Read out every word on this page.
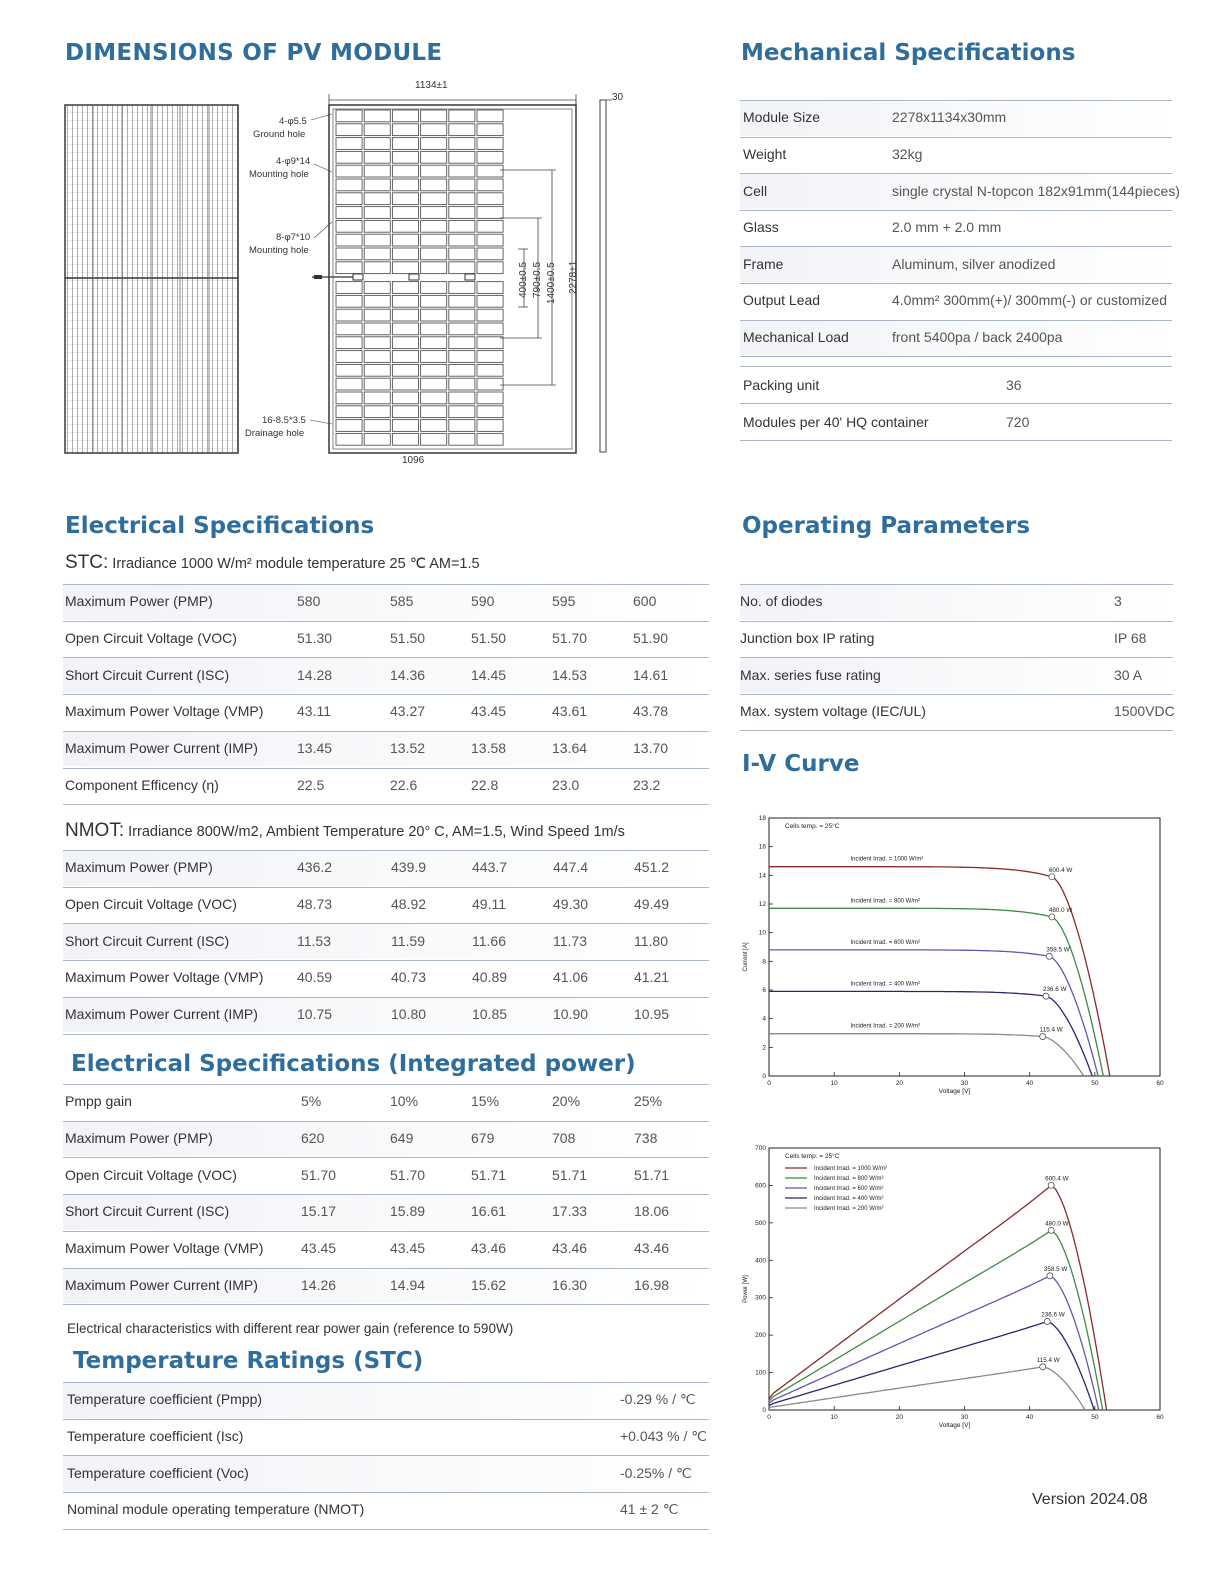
DIMENSIONS OF PV MODULE	Mechanical Specifications
Electrical Specifications	Operating Parameters
I-V Curve
Electrical Specifications (Integrated power)
Temperature Ratings (STC)
1134±1
1096
30
400±0.5 790±0.5 1400±0.5 2278±1
4-φ5.5
Ground hole
4-φ9*14
Mounting hole
8-φ7*10
Mounting hole
16-8.5*3.5
Drainage hole
STC: Irradiance 1000 W/m² module temperature 25 ℃ AM=1.5
NMOT: Irradiance 800W/m2, Ambient Temperature 20° C, AM=1.5, Wind Speed 1m/s
Electrical characteristics with different rear power gain (reference to 590W)
Version 2024.08
0	10	20	30	40	50	60
0
2
4
6
8
10
12
14
16
18
Voltage [V]
Current [A]
Cells temp. = 25°C
600.4 W
Incident Irrad. = 1000 W/m²
480.0 W
Incident Irrad. = 800 W/m²
358.5 W
Incident Irrad. = 600 W/m²
236.6 W
Incident Irrad. = 400 W/m²
115.4 W
Incident Irrad. = 200 W/m²
0	10	20	30	40	50	60
0
100
200
300
400
500
600
700
Voltage [V]
Power [W]
Cells temp. = 25°C
600.4 W
Incident Irrad. = 1000 W/m²
480.0 W
Incident Irrad. = 800 W/m²
358.5 W
Incident Irrad. = 600 W/m²
236.6 W
Incident Irrad. = 400 W/m²
115.4 W
Incident Irrad. = 200 W/m²
Maximum Power (PMP)	580	585	590	595	600
Open Circuit Voltage (VOC)	51.30	51.50	51.50	51.70	51.90
Short Circuit Current (ISC)	14.28	14.36	14.45	14.53	14.61
Maximum Power Voltage (VMP) 43.11	43.27	43.45	43.61	43.78
Maximum Power Current (IMP)	13.45	13.52	13.58	13.64	13.70
Component Efficency (η)	22.5	22.6	22.8	23.0	23.2
Maximum Power (PMP)	436.2	439.9	443.7	447.4	451.2
Open Circuit Voltage (VOC)	48.73	48.92	49.11	49.30	49.49
Short Circuit Current (ISC)	11.53	11.59	11.66	11.73	11.80
Maximum Power Voltage (VMP) 40.59	40.73	40.89	41.06	41.21
Maximum Power Current (IMP)	10.75	10.80	10.85	10.90	10.95
Pmpp gain	5%	10%	15%	20%	25%
Maximum Power (PMP)	620	649	679	708	738
Open Circuit Voltage (VOC)	51.70	51.70	51.71	51.71	51.71
Short Circuit Current (ISC)	15.17	15.89	16.61	17.33	18.06
Maximum Power Voltage (VMP)	43.45	43.45	43.46	43.46	43.46
Maximum Power Current (IMP)	14.26	14.94	15.62	16.30	16.98
Temperature coefficient (Pmpp)	-0.29 % / ℃
Temperature coefficient (Isc)	+0.043 % / ℃
Temperature coefficient (Voc)	-0.25% / ℃
Nominal module operating temperature (NMOT)	41 ± 2 ℃
Module Size	2278x1134x30mm
Weight	32kg
Cell	single crystal N-topcon 182x91mm(144pieces)
Glass	2.0 mm + 2.0 mm
Frame	Aluminum, silver anodized
Output Lead	4.0mm² 300mm(+)/ 300mm(-) or customized
Mechanical Load	front 5400pa / back 2400pa
Packing unit	36
Modules per 40' HQ container	720
No. of diodes	3
Junction box IP rating	IP 68
Max. series fuse rating	30 A
Max. system voltage (IEC/UL)	1500VDC
